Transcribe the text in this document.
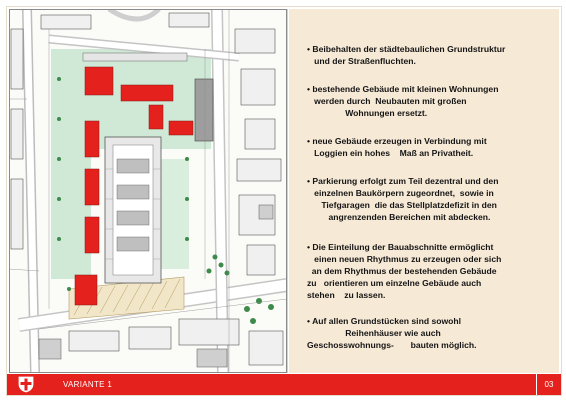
• Beibehalten der städtebaulichen Grundstruktur
und der Straßenfluchten.
• bestehende Gebäude mit kleinen Wohnungen
werden durch  Neubauten mit großen
Wohnungen ersetzt.
• neue Gebäude erzeugen in Verbindung mit
Loggien ein hohes    Maß an Privatheit.
• Parkierung erfolgt zum Teil dezentral und den
einzelnen Baukörpern zugeordnet,  sowie in
Tiefgaragen  die das Stellplatzdefizit in den
angrenzenden Bereichen mit abdecken.
• Die Einteilung der Bauabschnitte ermöglicht
einen neuen Rhythmus zu erzeugen oder sich
an dem Rhythmus der bestehenden Gebäude
zu   orientieren um einzelne Gebäude auch
stehen    zu lassen.
• Auf allen Grundstücken sind sowohl
Reihenhäuser wie auch
Geschosswohnungs-       bauten möglich.
VARIANTE 1	03
